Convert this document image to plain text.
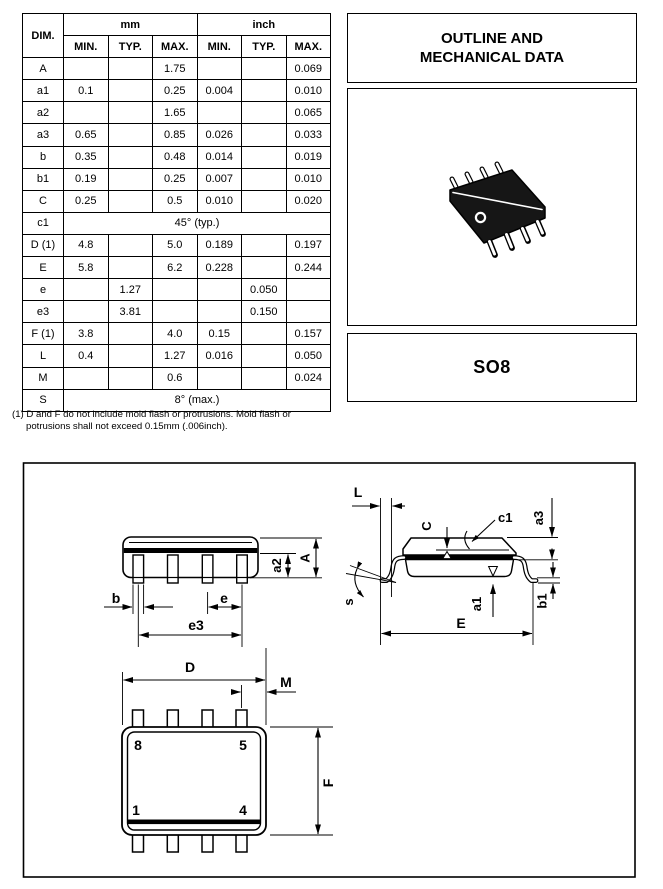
DIM.	mm			inch		
	MIN.	TYP.	MAX.	MIN.	TYP.	MAX.
A			1.75			0.069
a1	0.1		0.25	0.004		0.010
a2			1.65			0.065
a3	0.65		0.85	0.026		0.033
b	0.35		0.48	0.014		0.019
b1	0.19		0.25	0.007		0.010
C	0.25		0.5	0.010		0.020
c1	45° (typ.)					
D (1)	4.8		5.0	0.189		0.197
E	5.8		6.2	0.228		0.244
e		1.27			0.050	
e3		3.81			0.150	
F (1)	3.8		4.0	0.15		0.157
L	0.4		1.27	0.016		0.050
M			0.6			0.024
S	8° (max.)					
(1) D and F do not include mold flash or protrusions. Mold flash or
potrusions shall not exceed 0.15mm (.006inch).
OUTLINE AND
MECHANICAL DATA
SO8
a2
A
b	e
e3
L
C
c1 a3
s	a1	b1
E
8	5
1	4
D
M
F
